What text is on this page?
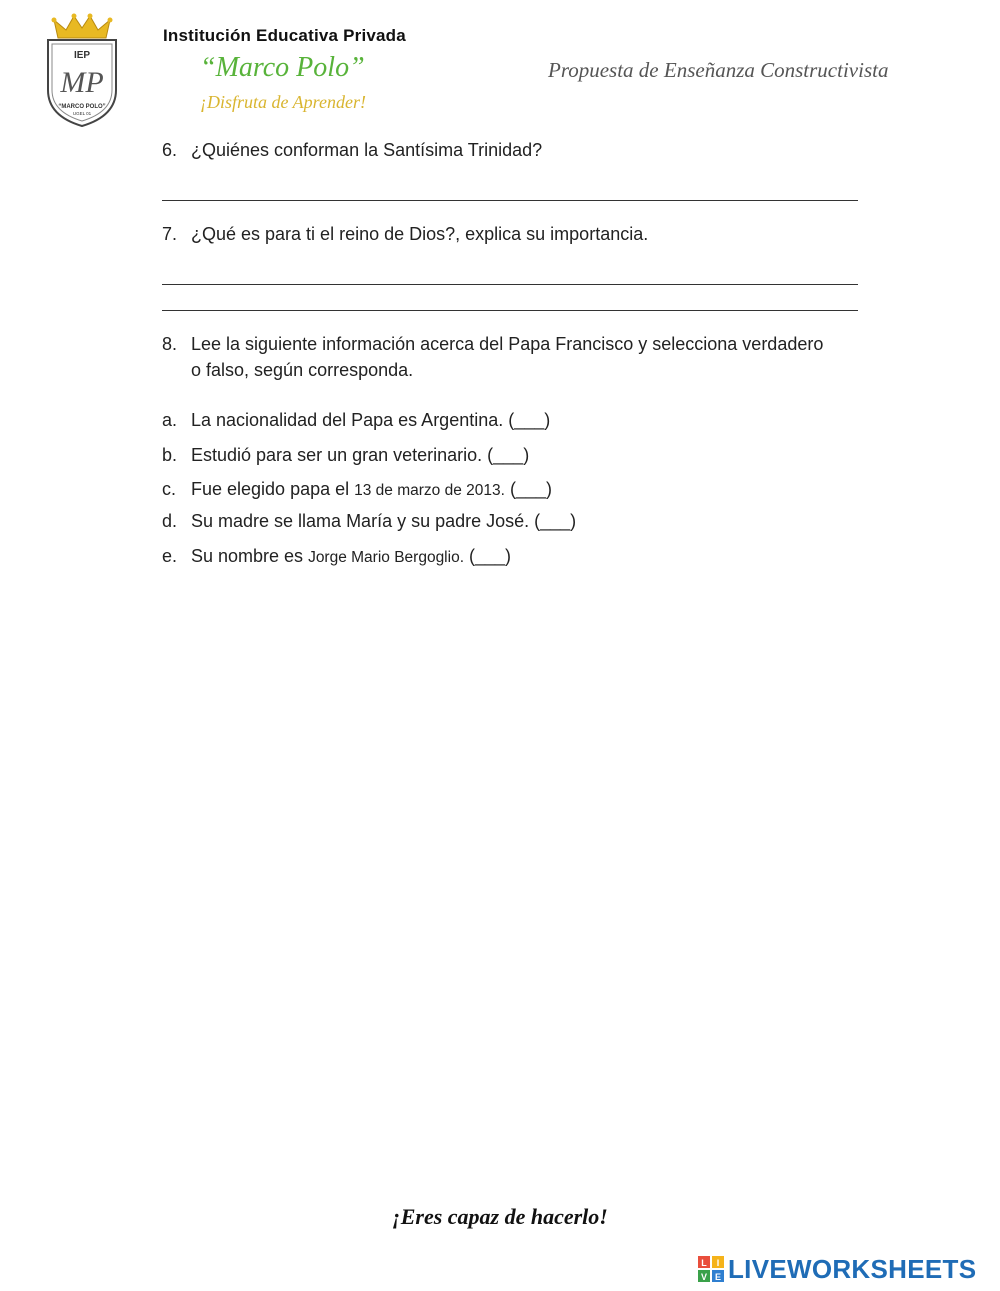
IEP
MP
“MARCO POLO”
UGEL 01
Institución Educativa Privada
“Marco Polo”
¡Disfruta de Aprender!
Propuesta de Enseñanza Constructivista
6. ¿Quiénes conforman la Santísima Trinidad?
7. ¿Qué es para ti el reino de Dios?, explica su importancia.
8. Lee la siguiente información acerca del Papa Francisco y selecciona verdadero o falso, según corresponda.
a. La nacionalidad del Papa es Argentina. (___)
b. Estudió para ser un gran veterinario. (___)
c. Fue elegido papa el 13 de marzo de 2013. (___)
d. Su madre se llama María y su padre José. (___)
e. Su nombre es Jorge Mario Bergoglio. (___)
¡Eres capaz de hacerlo!
L I
V E LIVEWORKSHEETS
